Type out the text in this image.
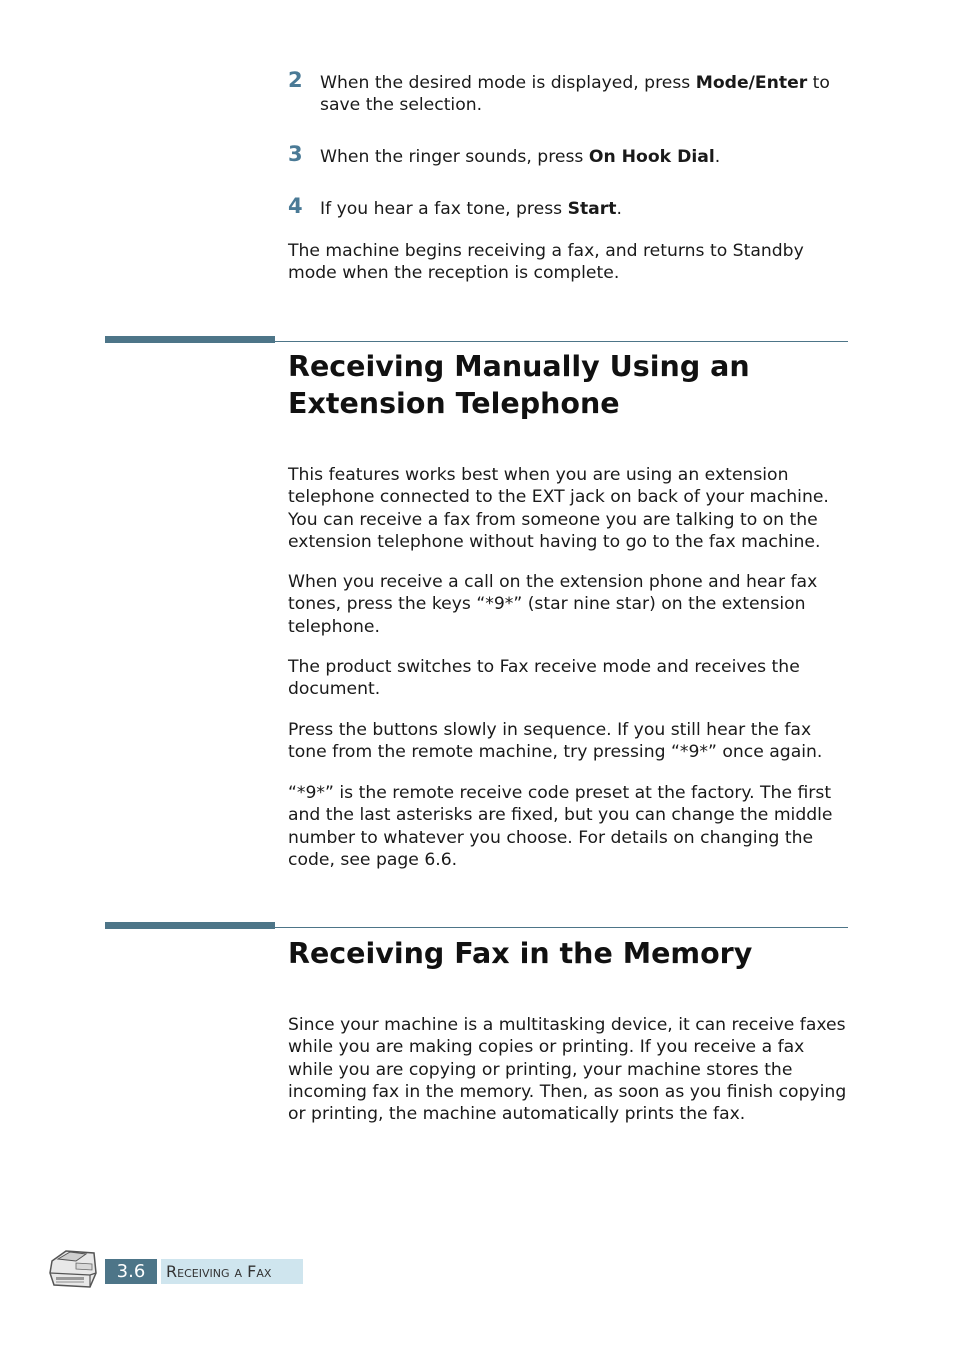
2 When the desired mode is displayed, press Mode/Enter to save the selection.

3 When the ringer sounds, press On Hook Dial.

4 If you hear a fax tone, press Start.

The machine begins receiving a fax, and returns to Standby mode when the reception is complete.

Receiving Manually Using an Extension Telephone

This features works best when you are using an extension telephone connected to the EXT jack on back of your machine. You can receive a fax from someone you are talking to on the extension telephone without having to go to the fax machine.

When you receive a call on the extension phone and hear fax tones, press the keys “*9*” (star nine star) on the extension telephone.

The product switches to Fax receive mode and receives the document.

Press the buttons slowly in sequence. If you still hear the fax tone from the remote machine, try pressing “*9*” once again.

“*9*” is the remote receive code preset at the factory. The first and the last asterisks are fixed, but you can change the middle number to whatever you choose. For details on changing the code, see page 6.6.

Receiving Fax in the Memory

Since your machine is a multitasking device, it can receive faxes while you are making copies or printing. If you receive a fax while you are copying or printing, your machine stores the incoming fax in the memory. Then, as soon as you finish copying or printing, the machine automatically prints the fax.

3.6	Receiving a Fax
